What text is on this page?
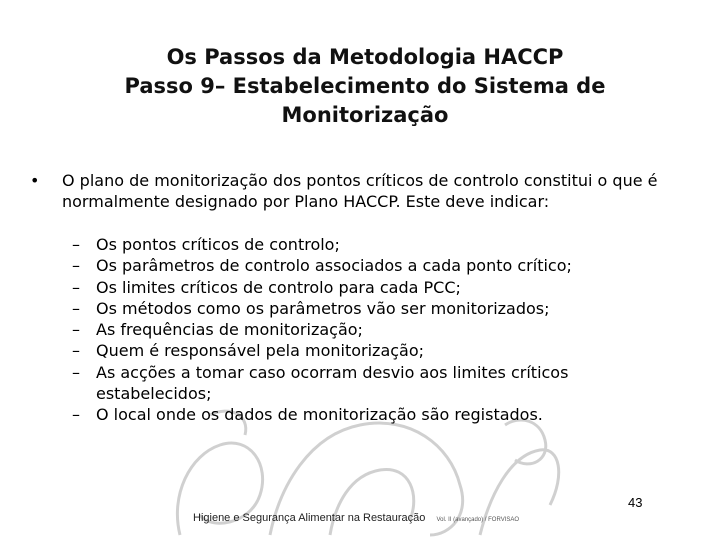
Os Passos da Metodologia HACCP
Passo 9– Estabelecimento do Sistema de
Monitorização
• O plano de monitorização dos pontos críticos de controlo constitui o que é normalmente designado por Plano HACCP. Este deve indicar:
– Os pontos críticos de controlo;
– Os parâmetros de controlo associados a cada ponto crítico;
– Os limites críticos de controlo para cada PCC;
– Os métodos como os parâmetros vão ser monitorizados;
– As frequências de monitorização;
– Quem é responsável pela monitorização;
– As acções a tomar caso ocorram desvio aos limites críticos estabelecidos;
– O local onde os dados de monitorização são registados.
43
Higiene e Segurança Alimentar na Restauração Vol. II (avançado) / FORVISAO
